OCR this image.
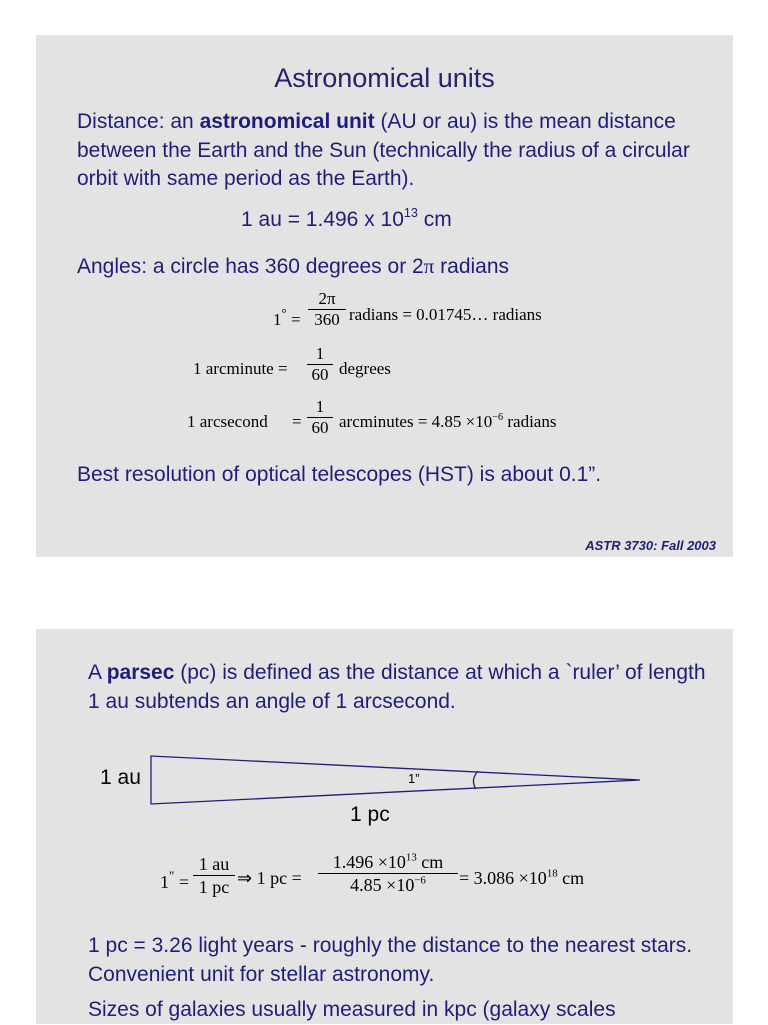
Astronomical units
Distance: an astronomical unit (AU or au) is the mean distance between the Earth and the Sun (technically the radius of a circular orbit with same period as the Earth).
1 au = 1.496 x $10^{13}$ cm
Angles: a circle has 360 degrees or 2π radians
$1^\circ = \frac{2\pi}{360}$ radians = 0.01745… radians
1 arcminute = $\frac{1}{60}$ degrees
1 arcsecond = $\frac{1}{60}$ arcminutes = $4.85 \times 10^{-6}$ radians
Best resolution of optical telescopes (HST) is about 0.1”.
ASTR 3730: Fall 2003
A parsec (pc) is defined as the distance at which a `ruler’ of length 1 au subtends an angle of 1 arcsecond.
1 au	1”
1 pc
$1^" = \frac{1 au}{1 pc}$ ⇒ 1 pc = $\frac{1.496 \times 10^{13} cm}{4.85 \times 10^{-6}} = 3.086 \times 10^{18}$ cm
1 pc = 3.26 light years - roughly the distance to the nearest stars. Convenient unit for stellar astronomy.
Sizes of galaxies usually measured in kpc (galaxy scales
